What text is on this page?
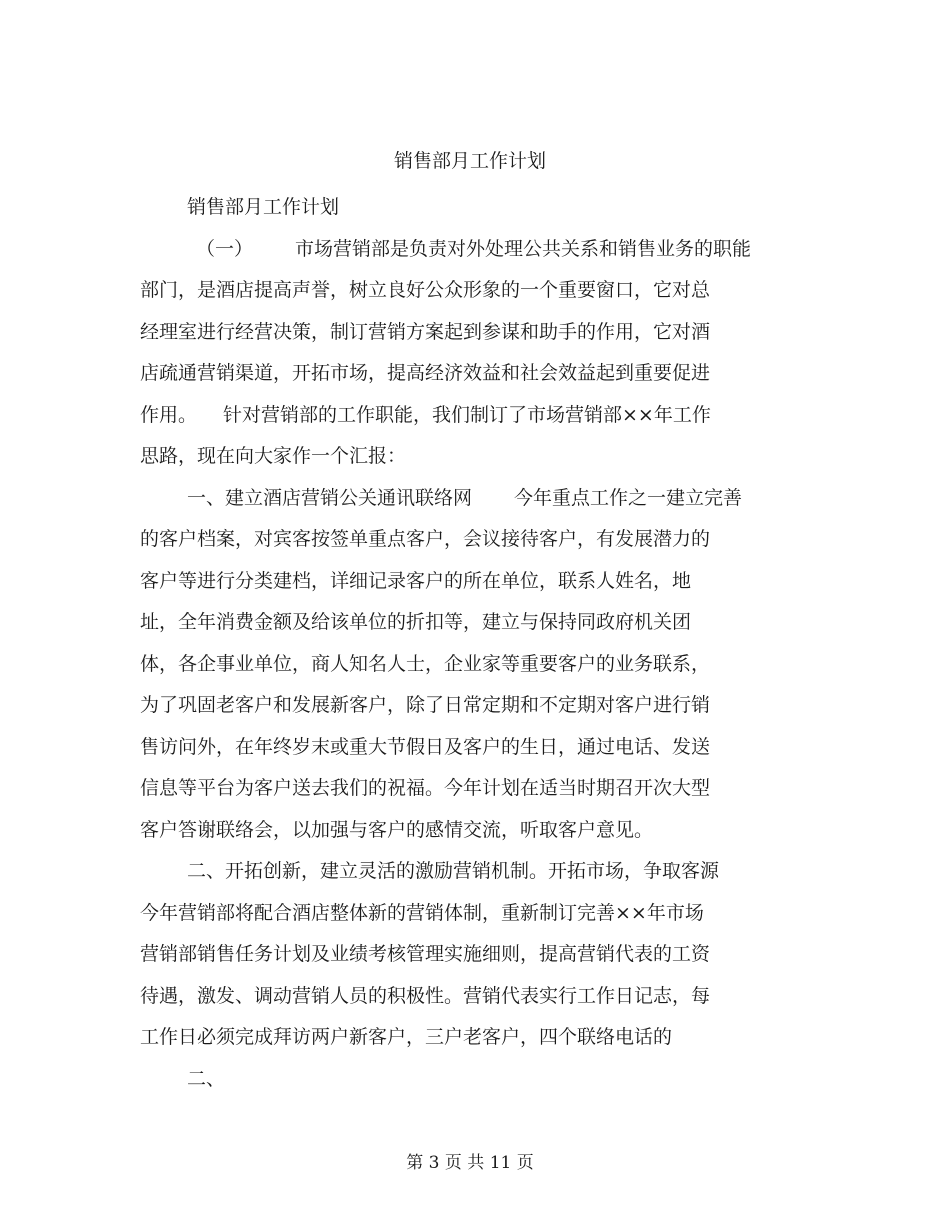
销售部月工作计划
销售部月工作计划
（一） 市场营销部是负责对外处理公共关系和销售业务的职能
部门，是酒店提高声誉，树立良好公众形象的一个重要窗口，它对总
经理室进行经营决策，制订营销方案起到参谋和助手的作用，它对酒
店疏通营销渠道，开拓市场，提高经济效益和社会效益起到重要促进
作用。 针对营销部的工作职能，我们制订了市场营销部××年工作
思路，现在向大家作一个汇报：
一、建立酒店营销公关通讯联络网 今年重点工作之一建立完善
的客户档案，对宾客按签单重点客户，会议接待客户，有发展潜力的
客户等进行分类建档，详细记录客户的所在单位，联系人姓名，地
址，全年消费金额及给该单位的折扣等，建立与保持同政府机关团
体，各企事业单位，商人知名人士，企业家等重要客户的业务联系，
为了巩固老客户和发展新客户，除了日常定期和不定期对客户进行销
售访问外，在年终岁末或重大节假日及客户的生日，通过电话、发送
信息等平台为客户送去我们的祝福。今年计划在适当时期召开次大型
客户答谢联络会，以加强与客户的感情交流，听取客户意见。
二、开拓创新，建立灵活的激励营销机制。开拓市场，争取客源
今年营销部将配合酒店整体新的营销体制，重新制订完善××年市场
营销部销售任务计划及业绩考核管理实施细则，提高营销代表的工资
待遇，激发、调动营销人员的积极性。营销代表实行工作日记志，每
工作日必须完成拜访两户新客户，三户老客户，四个联络电话的
二、
第 3 页 共 11 页
